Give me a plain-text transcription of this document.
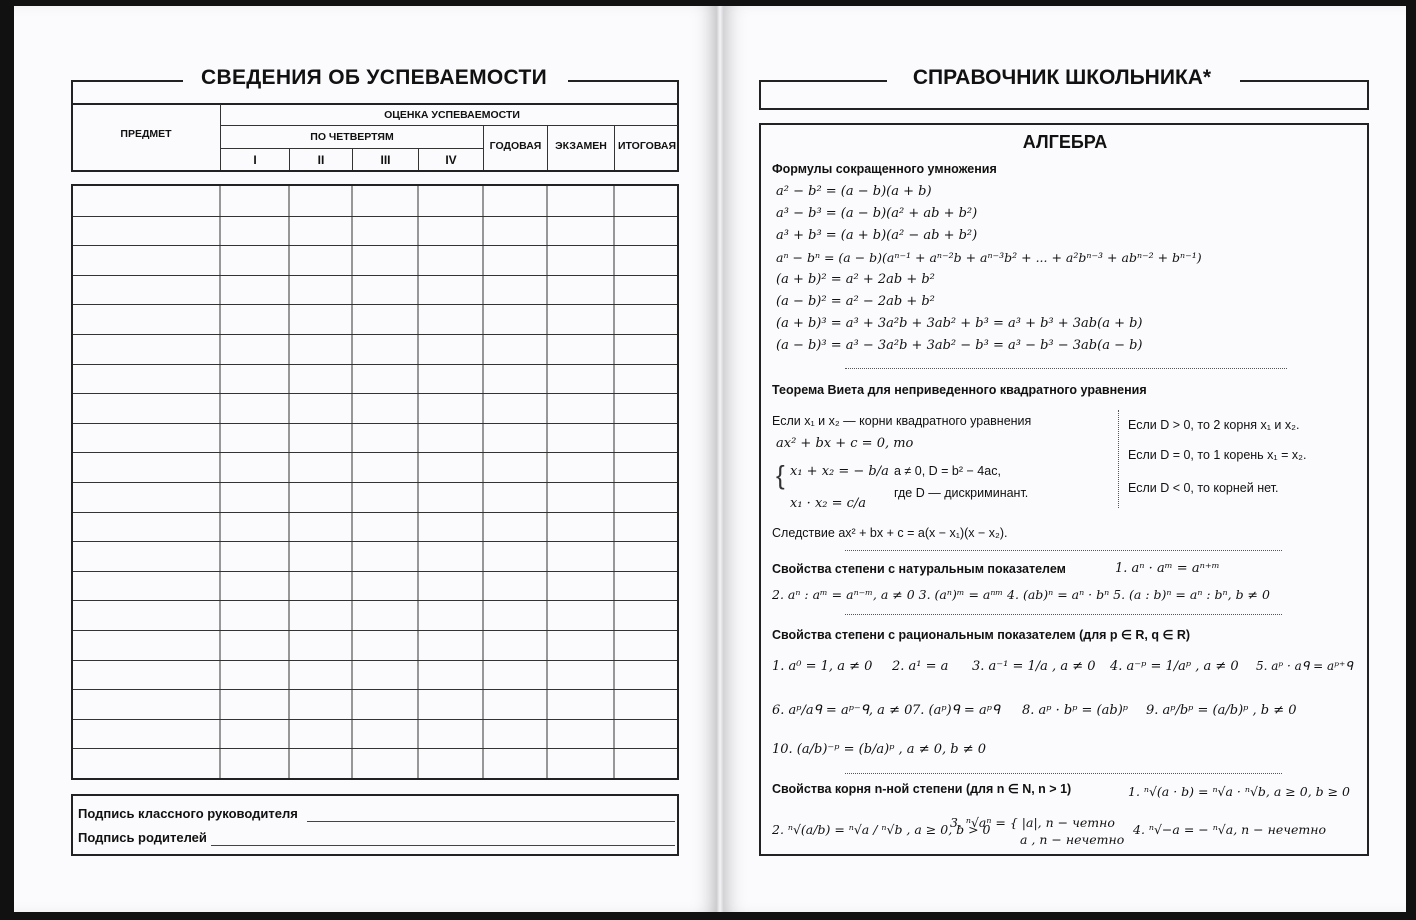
СВЕДЕНИЯ ОБ УСПЕВАЕМОСТИ
ПРЕДМЕТ
ОЦЕНКА УСПЕВАЕМОСТИ
ПО ЧЕТВЕРТЯМ
I	II	III	IV
ГОДОВАЯ	ЭКЗАМЕН	ИТОГОВАЯ
Подпись классного руководителя
Подпись родителей
СПРАВОЧНИК ШКОЛЬНИКА*
АЛГЕБРА
Формулы сокращенного умножения
a² − b² = (a − b)(a + b)
a³ − b³ = (a − b)(a² + ab + b²)
a³ + b³ = (a + b)(a² − ab + b²)
aⁿ − bⁿ = (a − b)(aⁿ⁻¹ + aⁿ⁻²b + aⁿ⁻³b² + ... + a²bⁿ⁻³ + abⁿ⁻² + bⁿ⁻¹)
(a + b)² = a² + 2ab + b²
(a − b)² = a² − 2ab + b²
(a + b)³ = a³ + 3a²b + 3ab² + b³ = a³ + b³ + 3ab(a + b)
(a − b)³ = a³ − 3a²b + 3ab² − b³ = a³ − b³ − 3ab(a − b)
Теорема Виета для неприведенного квадратного уравнения
Если x₁ и x₂ — корни квадратного уравнения
ax² + bx + c = 0, то
{ x₁ + x₂ = − b/a
x₁ · x₂ = c/a
a ≠ 0, D = b² − 4ac,
где D — дискриминант.
Следствие ax² + bx + c = a(x − x₁)(x − x₂).
Если D > 0, то 2 корня x₁ и x₂.
Если D = 0, то 1 корень x₁ = x₂.
Если D < 0, то корней нет.
Свойства степени с натуральным показателем	1. aⁿ · aᵐ = aⁿ⁺ᵐ
2. aⁿ : aᵐ = aⁿ⁻ᵐ, a ≠ 0 3. (aⁿ)ᵐ = aⁿᵐ 4. (ab)ⁿ = aⁿ · bⁿ 5. (a : b)ⁿ = aⁿ : bⁿ, b ≠ 0
Свойства степени с рациональным показателем (для p ∈ R, q ∈ R)
1. a⁰ = 1, a ≠ 0 2. a¹ = a 3. a⁻¹ = 1/a , a ≠ 0 4. a⁻ᵖ = 1/aᵖ , a ≠ 0 5. aᵖ · aᑫ = aᵖ⁺ᑫ
6. aᵖ/aᑫ = aᵖ⁻ᑫ, a ≠ 0 7. (aᵖ)ᑫ = aᵖᑫ 8. aᵖ · bᵖ = (ab)ᵖ 9. aᵖ/bᵖ = (a/b)ᵖ , b ≠ 0
10. (a/b)⁻ᵖ = (b/a)ᵖ , a ≠ 0, b ≠ 0
Свойства корня n-ной степени (для n ∈ N, n > 1)	1. ⁿ√(a · b) = ⁿ√a · ⁿ√b, a ≥ 0, b ≥ 0
2. ⁿ√(a/b) = ⁿ√a / ⁿ√b , a ≥ 0, b > 0
3. ⁿ√aⁿ = { |a|, n − четно
a , n − нечетно
4. ⁿ√−a = − ⁿ√a, n − нечетно
